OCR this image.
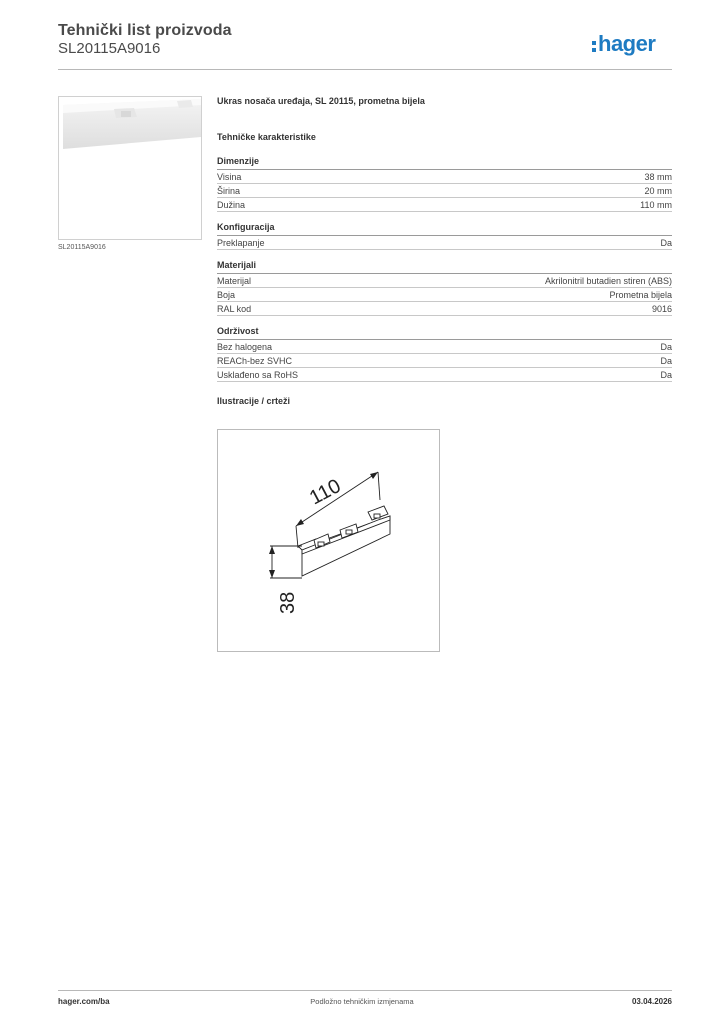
Tehnički list proizvoda
SL20115A9016	hager
SL20115A9016
Ukras nosača uređaja, SL 20115, prometna bijela
Tehničke karakteristike
Dimenzije
Visina	38 mm
Širina	20 mm
Dužina	110 mm
Konfiguracija
Preklapanje	Da
Materijali
Materijal	Akrilonitril butadien stiren (ABS)
Boja	Prometna bijela
RAL kod	9016
Održivost
Bez halogena	Da
REACh-bez SVHC	Da
Usklađeno sa RoHS	Da
Ilustracije / crteži
110
38
hager.com/ba	Podložno tehničkim izmjenama	03.04.2026
